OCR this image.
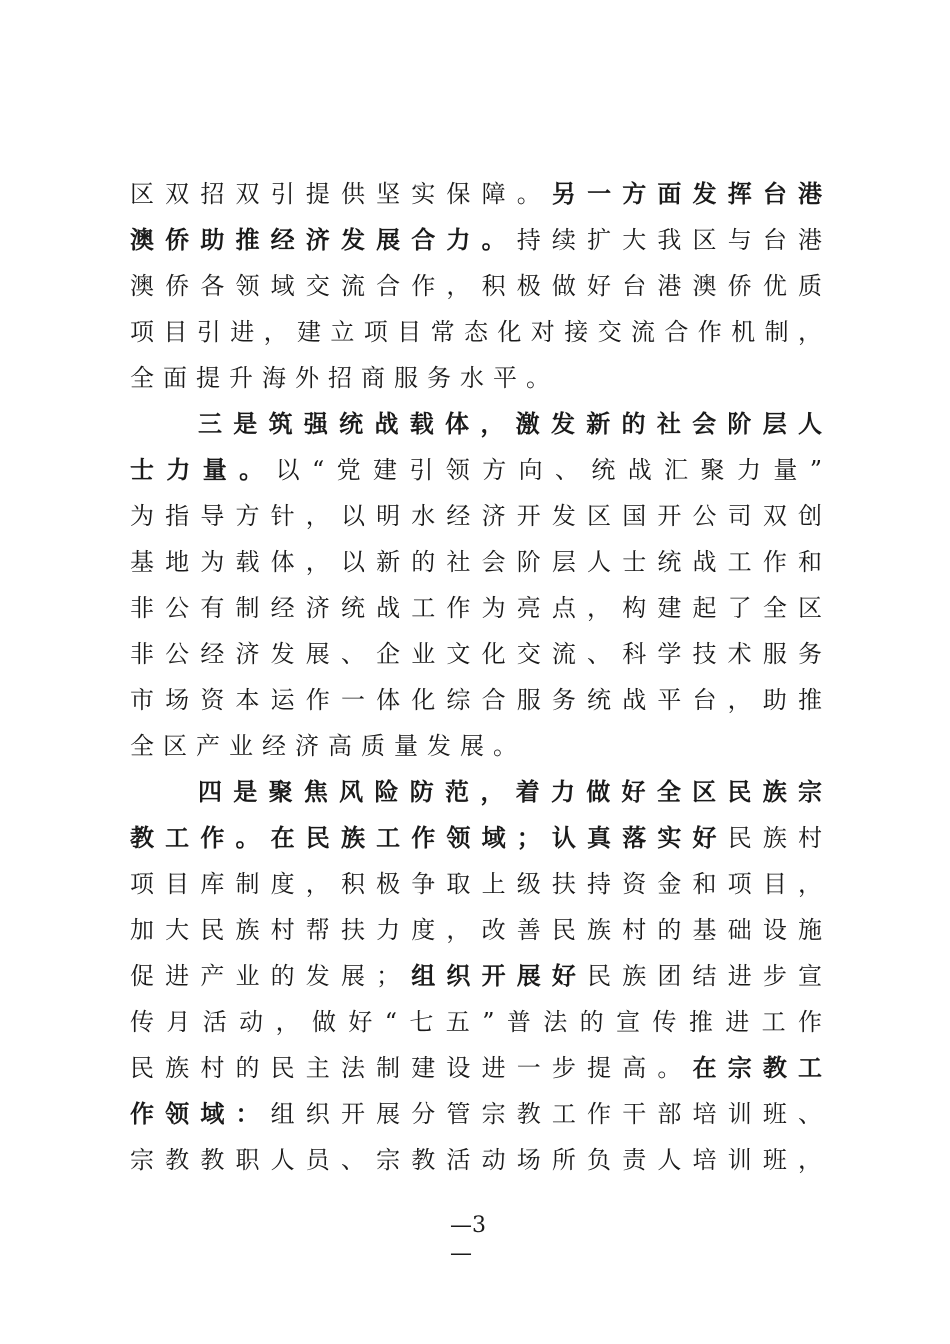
区双招双引提供坚实保障。另一方面发挥台港
澳侨助推经济发展合力。持续扩大我区与台港
澳侨各领域交流合作，积极做好台港澳侨优质
项目引进，建立项目常态化对接交流合作机制，
全面提升海外招商服务水平。
三是筑强统战载体，激发新的社会阶层人
士力量。以“党建引领方向、统战汇聚力量”
为指导方针，以明水经济开发区国开公司双创
基地为载体，以新的社会阶层人士统战工作和
非公有制经济统战工作为亮点，构建起了全区
非公经济发展、企业文化交流、科学技术服务
市场资本运作一体化综合服务统战平台，助推
全区产业经济高质量发展。
四是聚焦风险防范，着力做好全区民族宗
教工作。在民族工作领域；认真落实好民族村
项目库制度，积极争取上级扶持资金和项目，
加大民族村帮扶力度，改善民族村的基础设施
促进产业的发展；组织开展好民族团结进步宣
传月活动，做好“七五”普法的宣传推进工作
民族村的民主法制建设进一步提高。在宗教工
作领域：组织开展分管宗教工作干部培训班、
宗教教职人员、宗教活动场所负责人培训班，
—3
—
